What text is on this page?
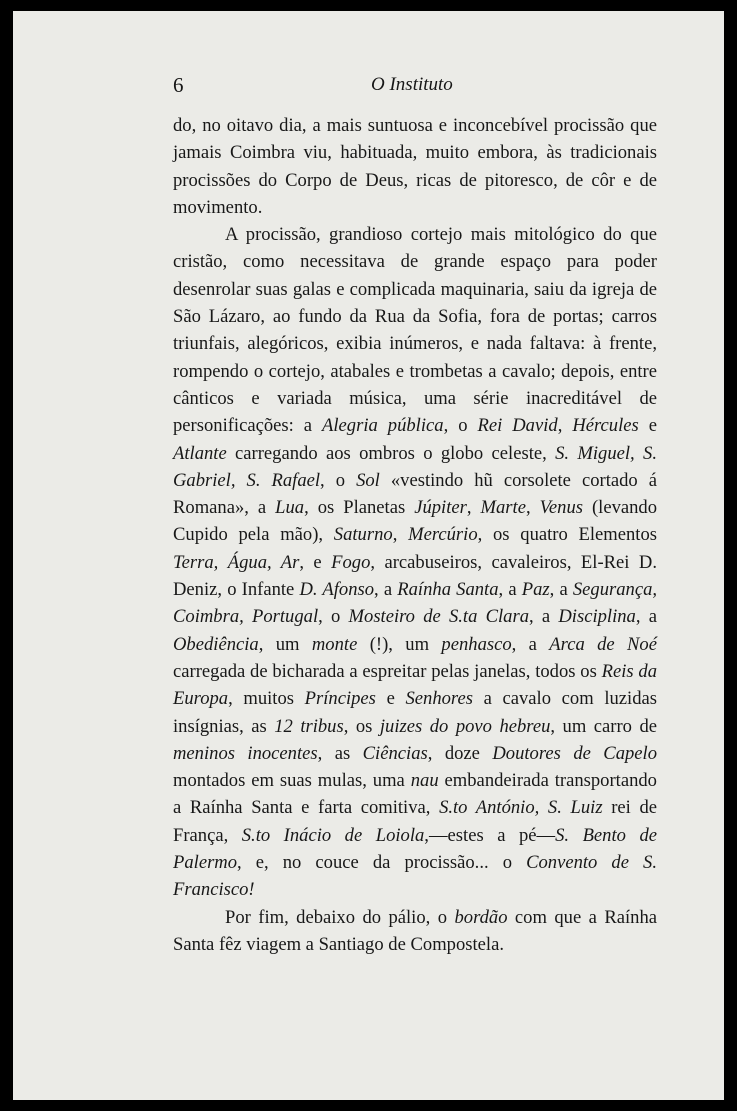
6	O Instituto

do, no oitavo dia, a mais suntuosa e inconcebível procissão que jamais Coimbra viu, habituada, muito embora, às tradicionais procissões do Corpo de Deus, ricas de pitoresco, de côr e de movimento.

A procissão, grandioso cortejo mais mitológico do que cristão, como necessitava de grande espaço para poder desenrolar suas galas e complicada maquinaria, saiu da igreja de São Lázaro, ao fundo da Rua da Sofia, fora de portas; carros triunfais, alegóricos, exibia inúmeros, e nada faltava: à frente, rompendo o cortejo, atabales e trombetas a cavalo; depois, entre cânticos e variada música, uma série inacreditável de personificações: a Alegria pública, o Rei David, Hércules e Atlante carregando aos ombros o globo celeste, S. Miguel, S. Gabriel, S. Rafael, o Sol «vestindo hũ corsolete cortado á Romana», a Lua, os Planetas Júpiter, Marte, Venus (levando Cupido pela mão), Saturno, Mercúrio, os quatro Elementos Terra, Água, Ar, e Fogo, arcabuseiros, cavaleiros, El-Rei D. Deniz, o Infante D. Afonso, a Raínha Santa, a Paz, a Segurança, Coimbra, Portugal, o Mosteiro de S.ta Clara, a Disciplina, a Obediência, um monte (!), um penhasco, a Arca de Noé carregada de bicharada a espreitar pelas janelas, todos os Reis da Europa, muitos Príncipes e Senhores a cavalo com luzidas insígnias, as 12 tribus, os juizes do povo hebreu, um carro de meninos inocentes, as Ciências, doze Doutores de Capelo montados em suas mulas, uma nau embandeirada transportando a Raínha Santa e farta comitiva, S.to António, S. Luiz rei de França, S.to Inácio de Loiola,—estes a pé—S. Bento de Palermo, e, no couce da procissão... o Convento de S. Francisco!

Por fim, debaixo do pálio, o bordão com que a Raínha Santa fêz viagem a Santiago de Compostela.
